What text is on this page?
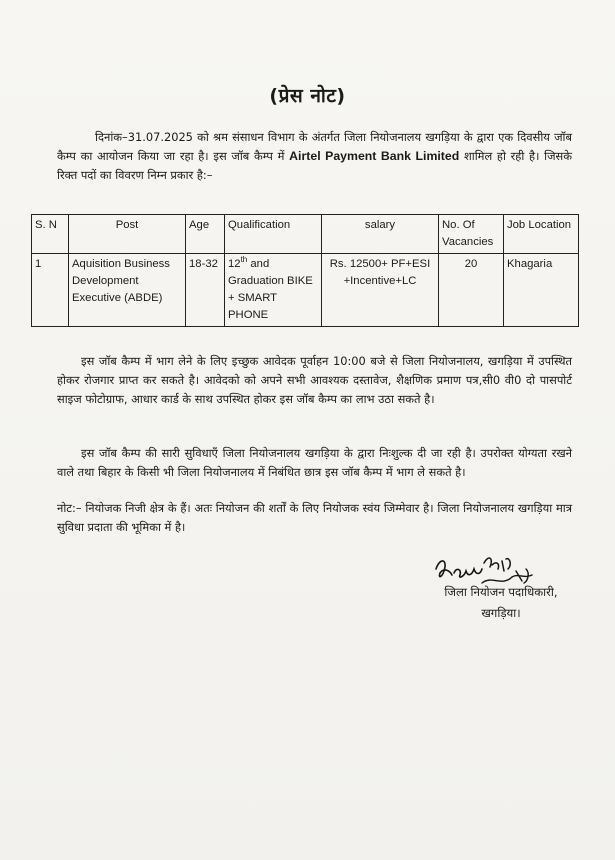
(प्रेस नोट)
दिनांक–31.07.2025 को श्रम संसाधन विभाग के अंतर्गत जिला नियोजनालय खगड़िया के द्वारा एक दिवसीय जॉब कैम्प का आयोजन किया जा रहा है। इस जॉब कैम्प में Airtel Payment Bank Limited शामिल हो रही है। जिसके रिक्त पदों का विवरण निम्न प्रकार है:–
S. N	Post	Age	Qualification	salary	No. Of Vacancies	Job Location
1	Aquisition Business Development Executive (ABDE)	18-32	12th and Graduation BIKE + SMART PHONE	Rs. 12500+ PF+ESI +Incentive+LC	20	Khagaria
इस जॉब कैम्प में भाग लेने के लिए इच्छुक आवेदक पूर्वाहन 10:00 बजे से जिला नियोजनालय, खगड़िया में उपस्थित होकर रोजगार प्राप्त कर सकते है। आवेदको को अपने सभी आवश्यक दस्तावेज, शैक्षणिक प्रमाण पत्र,सी0 वी0 दो पासपोर्ट साइज फोटोग्राफ, आधार कार्ड के साथ उपस्थित होकर इस जॉब कैम्प का लाभ उठा सकते है।
इस जॉब कैम्प की सारी सुविधाएँ जिला नियोजनालय खगड़िया के द्वारा निःशुल्क दी जा रही है। उपरोक्त योग्यता रखने वाले तथा बिहार के किसी भी जिला नियोजनालय में निबंधित छात्र इस जॉब कैम्प में भाग ले सकते है।
नोट:– नियोजक निजी क्षेत्र के हैं। अतः नियोजन की शर्तों के लिए नियोजक स्वंय जिम्मेवार है। जिला नियोजनालय खगड़िया मात्र सुविधा प्रदाता की भूमिका में है।
जिला नियोजन पदाधिकारी,
खगड़िया।
